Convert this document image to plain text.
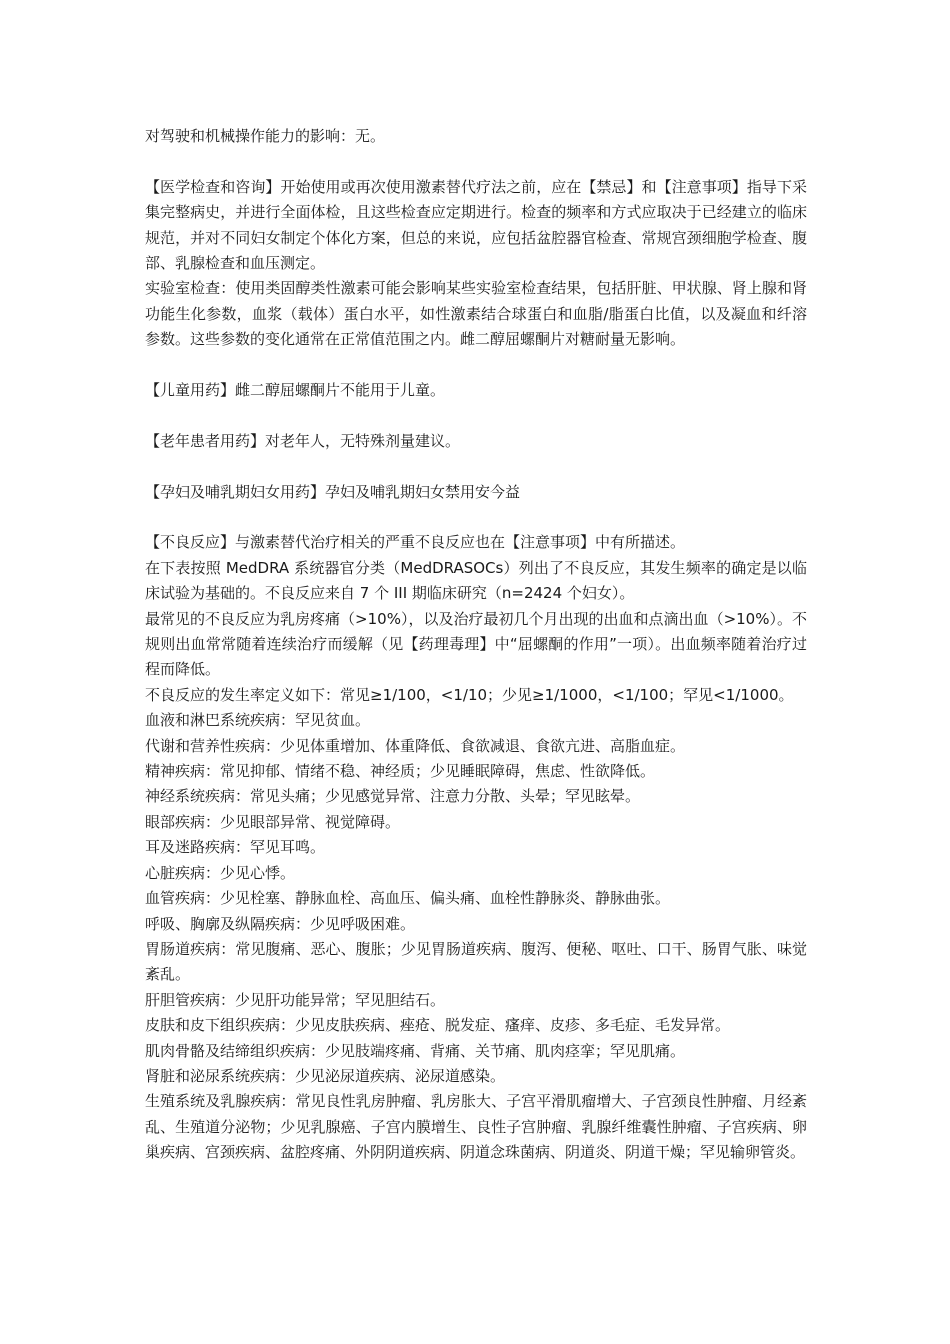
对驾驶和机械操作能力的影响：无。

【医学检查和咨询】开始使用或再次使用激素替代疗法之前，应在【禁忌】和【注意事项】指导下采集完整病史，并进行全面体检，且这些检查应定期进行。检查的频率和方式应取决于已经建立的临床规范，并对不同妇女制定个体化方案，但总的来说，应包括盆腔器官检查、常规宫颈细胞学检查、腹部、乳腺检查和血压测定。

实验室检查：使用类固醇类性激素可能会影响某些实验室检查结果，包括肝脏、甲状腺、肾上腺和肾功能生化参数，血浆（载体）蛋白水平，如性激素结合球蛋白和血脂/脂蛋白比值，以及凝血和纤溶参数。这些参数的变化通常在正常值范围之内。雌二醇屈螺酮片对糖耐量无影响。

【儿童用药】雌二醇屈螺酮片不能用于儿童。

【老年患者用药】对老年人，无特殊剂量建议。

【孕妇及哺乳期妇女用药】孕妇及哺乳期妇女禁用安今益

【不良反应】与激素替代治疗相关的严重不良反应也在【注意事项】中有所描述。

在下表按照 MedDRA 系统器官分类（MedDRASOCs）列出了不良反应，其发生频率的确定是以临床试验为基础的。不良反应来自 7 个 III 期临床研究（n=2424 个妇女）。

最常见的不良反应为乳房疼痛（>10%），以及治疗最初几个月出现的出血和点滴出血（>10%）。不规则出血常常随着连续治疗而缓解（见【药理毒理】中“屈螺酮的作用”一项）。出血频率随着治疗过程而降低。

不良反应的发生率定义如下：常见≥1/100，<1/10；少见≥1/1000，<1/100；罕见<1/1000。

血液和淋巴系统疾病：罕见贫血。

代谢和营养性疾病：少见体重增加、体重降低、食欲减退、食欲亢进、高脂血症。

精神疾病：常见抑郁、情绪不稳、神经质；少见睡眠障碍，焦虑、性欲降低。

神经系统疾病：常见头痛；少见感觉异常、注意力分散、头晕；罕见眩晕。

眼部疾病：少见眼部异常、视觉障碍。

耳及迷路疾病：罕见耳鸣。

心脏疾病：少见心悸。

血管疾病：少见栓塞、静脉血栓、高血压、偏头痛、血栓性静脉炎、静脉曲张。

呼吸、胸廓及纵隔疾病：少见呼吸困难。

胃肠道疾病：常见腹痛、恶心、腹胀；少见胃肠道疾病、腹泻、便秘、呕吐、口干、肠胃气胀、味觉紊乱。

肝胆管疾病：少见肝功能异常；罕见胆结石。

皮肤和皮下组织疾病：少见皮肤疾病、痤疮、脱发症、瘙痒、皮疹、多毛症、毛发异常。

肌肉骨骼及结缔组织疾病：少见肢端疼痛、背痛、关节痛、肌肉痉挛；罕见肌痛。

肾脏和泌尿系统疾病：少见泌尿道疾病、泌尿道感染。

生殖系统及乳腺疾病：常见良性乳房肿瘤、乳房胀大、子宫平滑肌瘤增大、子宫颈良性肿瘤、月经紊乱、生殖道分泌物；少见乳腺癌、子宫内膜增生、良性子宫肿瘤、乳腺纤维囊性肿瘤、子宫疾病、卵巢疾病、宫颈疾病、盆腔疼痛、外阴阴道疾病、阴道念珠菌病、阴道炎、阴道干燥；罕见输卵管炎。
